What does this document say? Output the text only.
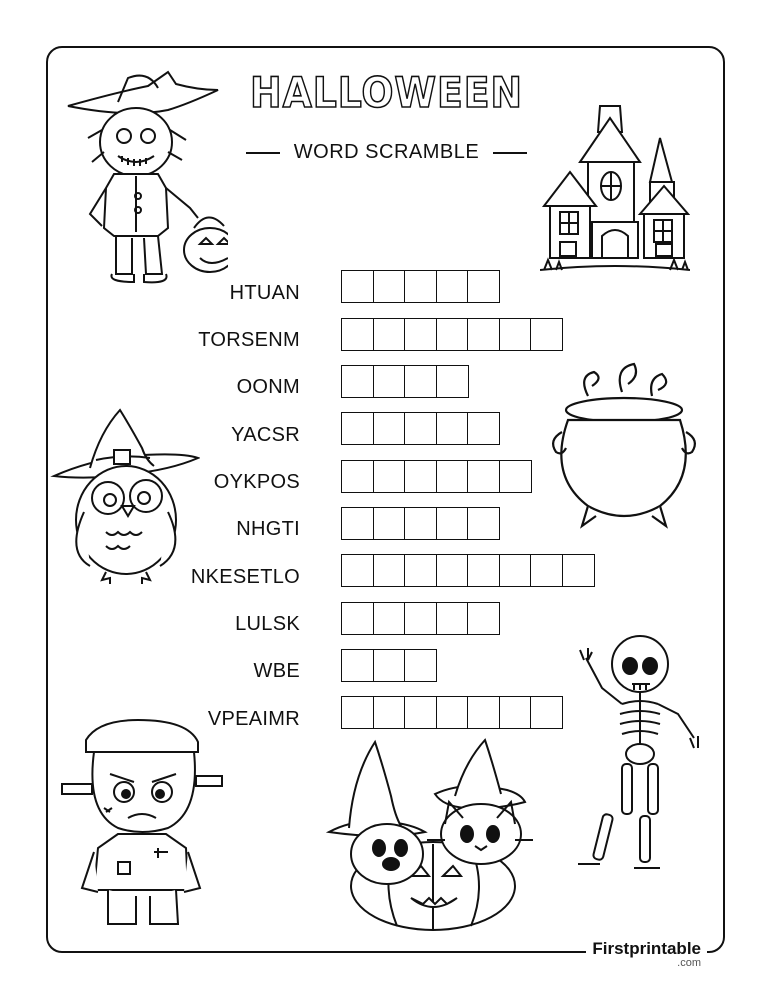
HALLOWEEN
WORD SCRAMBLE
HTUAN
TORSENM
OONM
YACSR
OYKPOS
NHGTI
NKESETLO
LULSK
WBE
VPEAIMR
Firstprintable
.com
